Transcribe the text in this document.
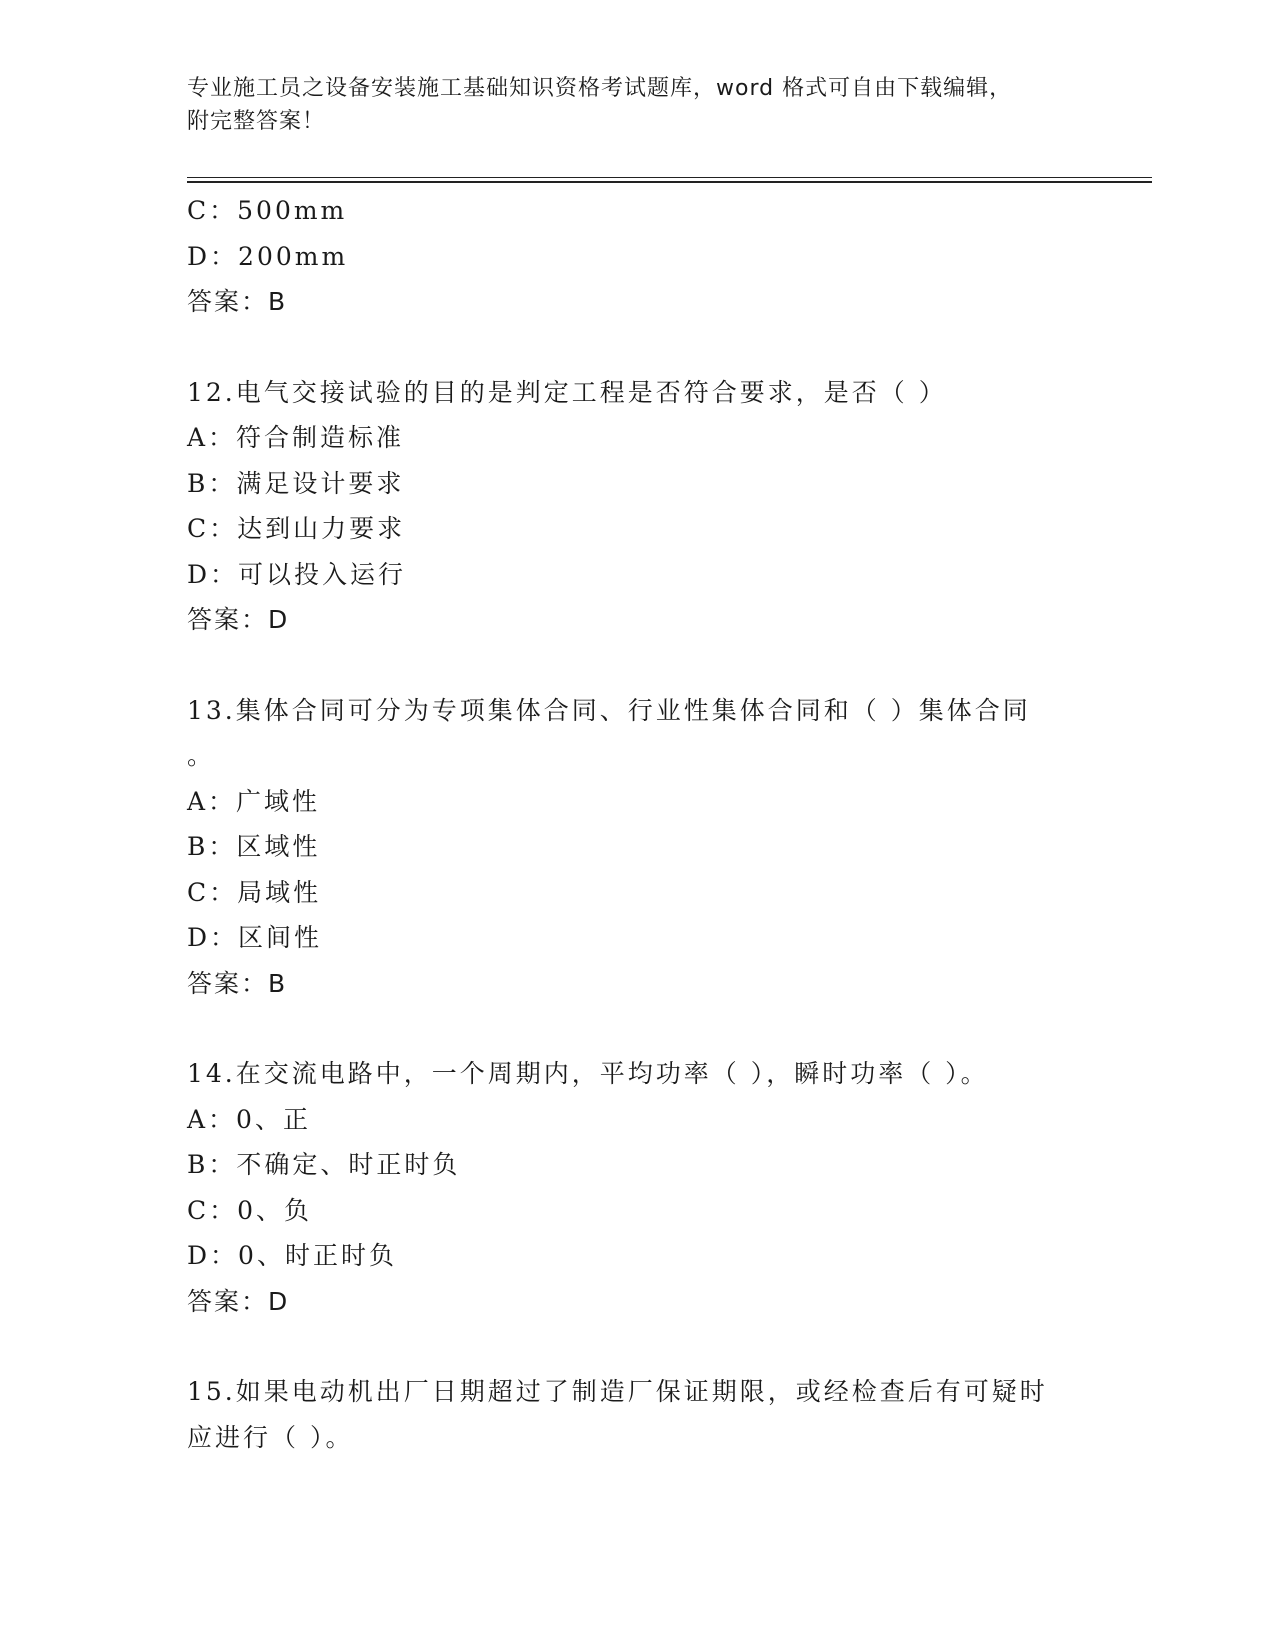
专业施工员之设备安装施工基础知识资格考试题库，word 格式可自由下载编辑，
附完整答案！
C：500mm
D：200mm
答案：B
12.电气交接试验的目的是判定工程是否符合要求，是否（ ）
A：符合制造标准
B：满足设计要求
C：达到山力要求
D：可以投入运行
答案：D
13.集体合同可分为专项集体合同、行业性集体合同和（ ）集体合同
。
A：广域性
B：区域性
C：局域性
D：区间性
答案：B
14.在交流电路中，一个周期内，平均功率（ ），瞬时功率（ ）。
A：0、正
B：不确定、时正时负
C：0、负
D：0、时正时负
答案：D
15.如果电动机出厂日期超过了制造厂保证期限，或经检查后有可疑时
应进行（ ）。
